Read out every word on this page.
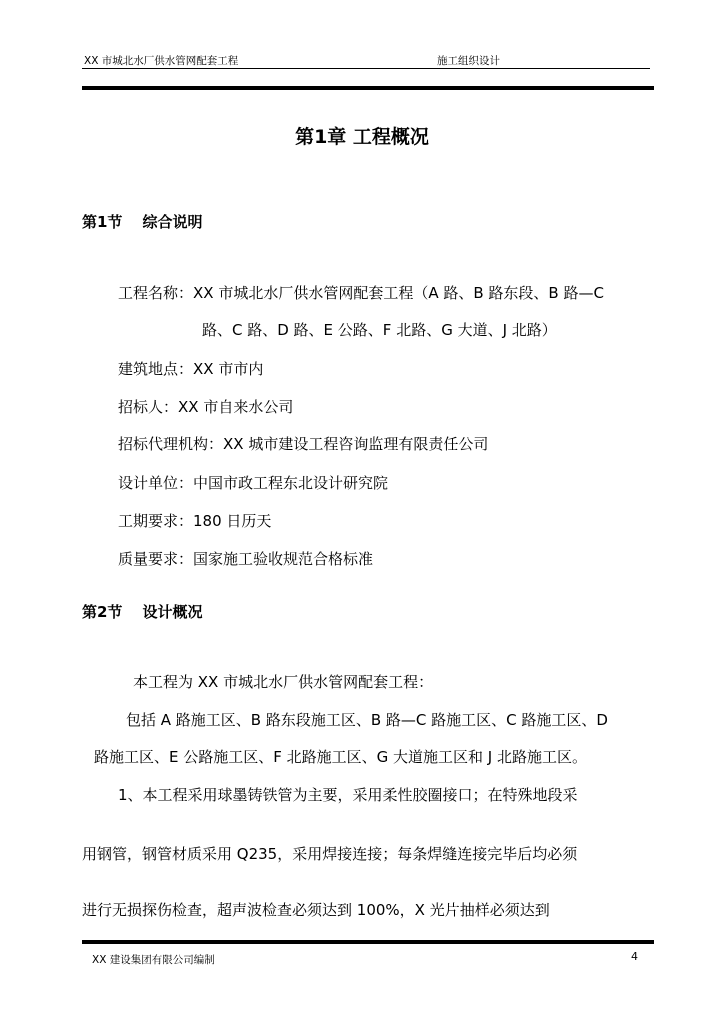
XX 市城北水厂供水管网配套工程	施工组织设计
第1章 工程概况
第1节 综合说明
工程名称：XX 市城北水厂供水管网配套工程（A 路、B 路东段、B 路—C
路、C 路、D 路、E 公路、F 北路、G 大道、J 北路）
建筑地点：XX 市市内
招标人：XX 市自来水公司
招标代理机构：XX 城市建设工程咨询监理有限责任公司
设计单位：中国市政工程东北设计研究院
工期要求：180 日历天
质量要求：国家施工验收规范合格标准
第2节 设计概况
本工程为 XX 市城北水厂供水管网配套工程：
包括 A 路施工区、B 路东段施工区、B 路—C 路施工区、C 路施工区、D
路施工区、E 公路施工区、F 北路施工区、G 大道施工区和 J 北路施工区。
1、本工程采用球墨铸铁管为主要，采用柔性胶圈接口；在特殊地段采
用钢管，钢管材质采用 Q235，采用焊接连接；每条焊缝连接完毕后均必须
进行无损探伤检查，超声波检查必须达到 100%，X 光片抽样必须达到
XX 建设集团有限公司编制	4
